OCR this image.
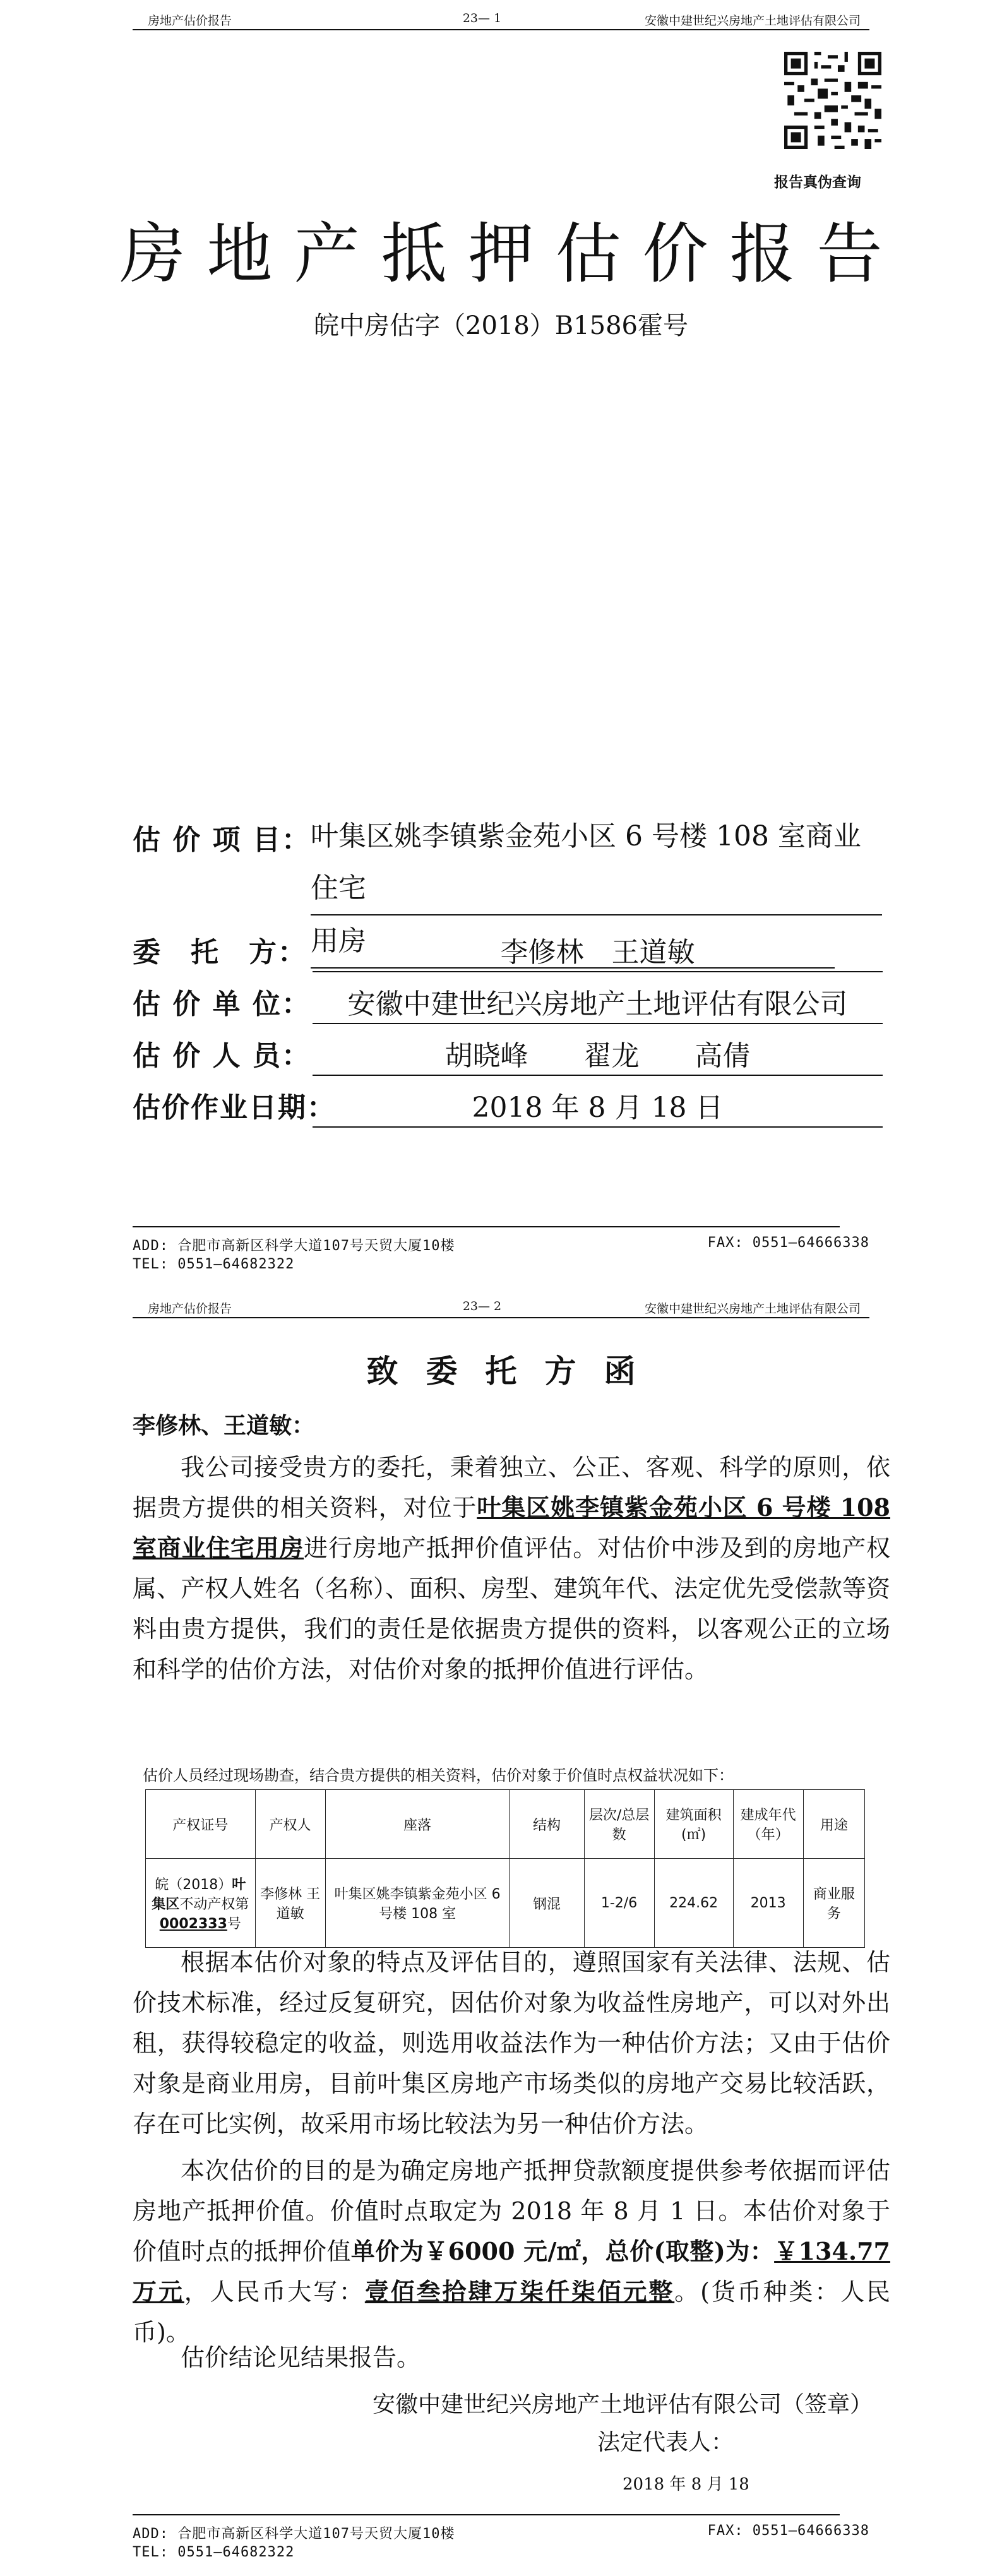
房地产估价报告	23— 1	安徽中建世纪兴房地产土地评估有限公司
报告真伪查询
房地产抵押估价报告
皖中房估字（2018）B1586霍号
估 价 项 目： 叶集区姚李镇紫金苑小区 6 号楼 108 室商业住宅
用房
委　托　方：	李修林　王道敏
估 价 单 位：	安徽中建世纪兴房地产土地评估有限公司
估 价 人 员：	胡晓峰　　翟龙　　高倩
估价作业日期：	2018 年 8 月 18 日
ADD: 合肥市高新区科学大道107号天贸大厦10楼	FAX: 0551—64666338
TEL: 0551—64682322
房地产估价报告	23— 2	安徽中建世纪兴房地产土地评估有限公司
致委托方函
李修林、王道敏：
我公司接受贵方的委托，秉着独立、公正、客观、科学的原则，依据贵方提供的相关资料，对位于叶集区姚李镇紫金苑小区 6 号楼 108 室商业住宅用房进行房地产抵押价值评估。对估价中涉及到的房地产权属、产权人姓名（名称）、面积、房型、建筑年代、法定优先受偿款等资料由贵方提供，我们的责任是依据贵方提供的资料，以客观公正的立场和科学的估价方法，对估价对象的抵押价值进行评估。
估价人员经过现场勘查，结合贵方提供的相关资料，估价对象于价值时点权益状况如下：
产权证号	产权人	座落	结构	层次/总层数	建筑面积(㎡)	建成年代（年）	用途
皖（2018）叶集区不动产权第0002333号	李修林 王道敏	叶集区姚李镇紫金苑小区 6 号楼 108 室	钢混	1-2/6	224.62	2013	商业服务
根据本估价对象的特点及评估目的，遵照国家有关法律、法规、估价技术标准，经过反复研究，因估价对象为收益性房地产，可以对外出租，获得较稳定的收益，则选用收益法作为一种估价方法；又由于估价对象是商业用房，目前叶集区房地产市场类似的房地产交易比较活跃，存在可比实例，故采用市场比较法为另一种估价方法。
本次估价的目的是为确定房地产抵押贷款额度提供参考依据而评估房地产抵押价值。价值时点取定为 2018 年 8 月 1 日。本估价对象于价值时点的抵押价值单价为￥6000 元/㎡，总价(取整)为：￥134.77 万元，人民币大写：壹佰叁拾肆万柒仟柒佰元整。(货币种类：人民币)。
估价结论见结果报告。
安徽中建世纪兴房地产土地评估有限公司（签章）
法定代表人：
2018 年 8 月 18
ADD: 合肥市高新区科学大道107号天贸大厦10楼	FAX: 0551—64666338
TEL: 0551—64682322
